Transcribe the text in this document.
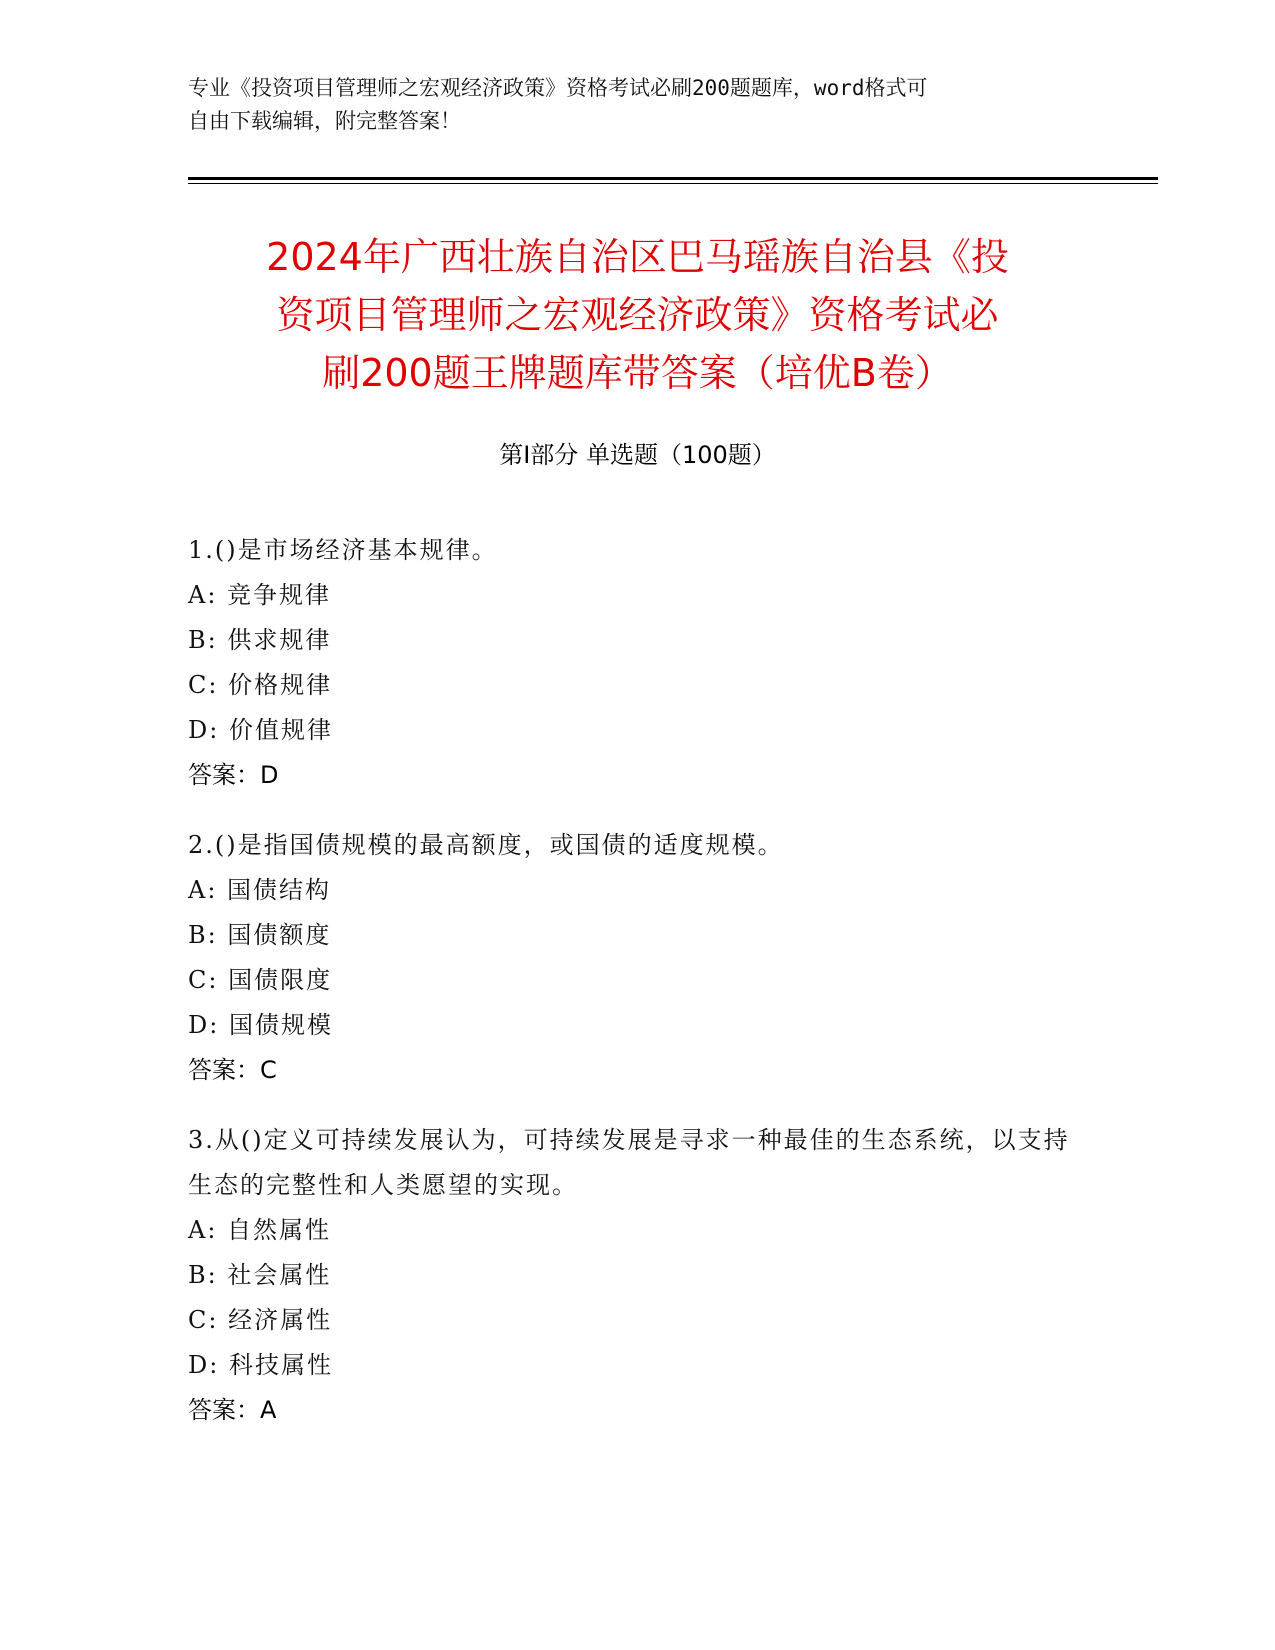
专业《投资项目管理师之宏观经济政策》资格考试必刷200题题库，word格式可
自由下载编辑，附完整答案！
2024年广西壮族自治区巴马瑶族自治县《投
资项目管理师之宏观经济政策》资格考试必
刷200题王牌题库带答案（培优B卷）
第Ⅰ部分 单选题（100题）

1.()是市场经济基本规律。

A: 竞争规律

B: 供求规律

C: 价格规律

D: 价值规律

答案：D

2.()是指国债规模的最高额度，或国债的适度规模。

A: 国债结构

B: 国债额度

C: 国债限度

D: 国债规模

答案：C

3.从()定义可持续发展认为，可持续发展是寻求一种最佳的生态系统，以支持生态的完整性和人类愿望的实现。

A: 自然属性

B: 社会属性

C: 经济属性

D: 科技属性

答案：A
